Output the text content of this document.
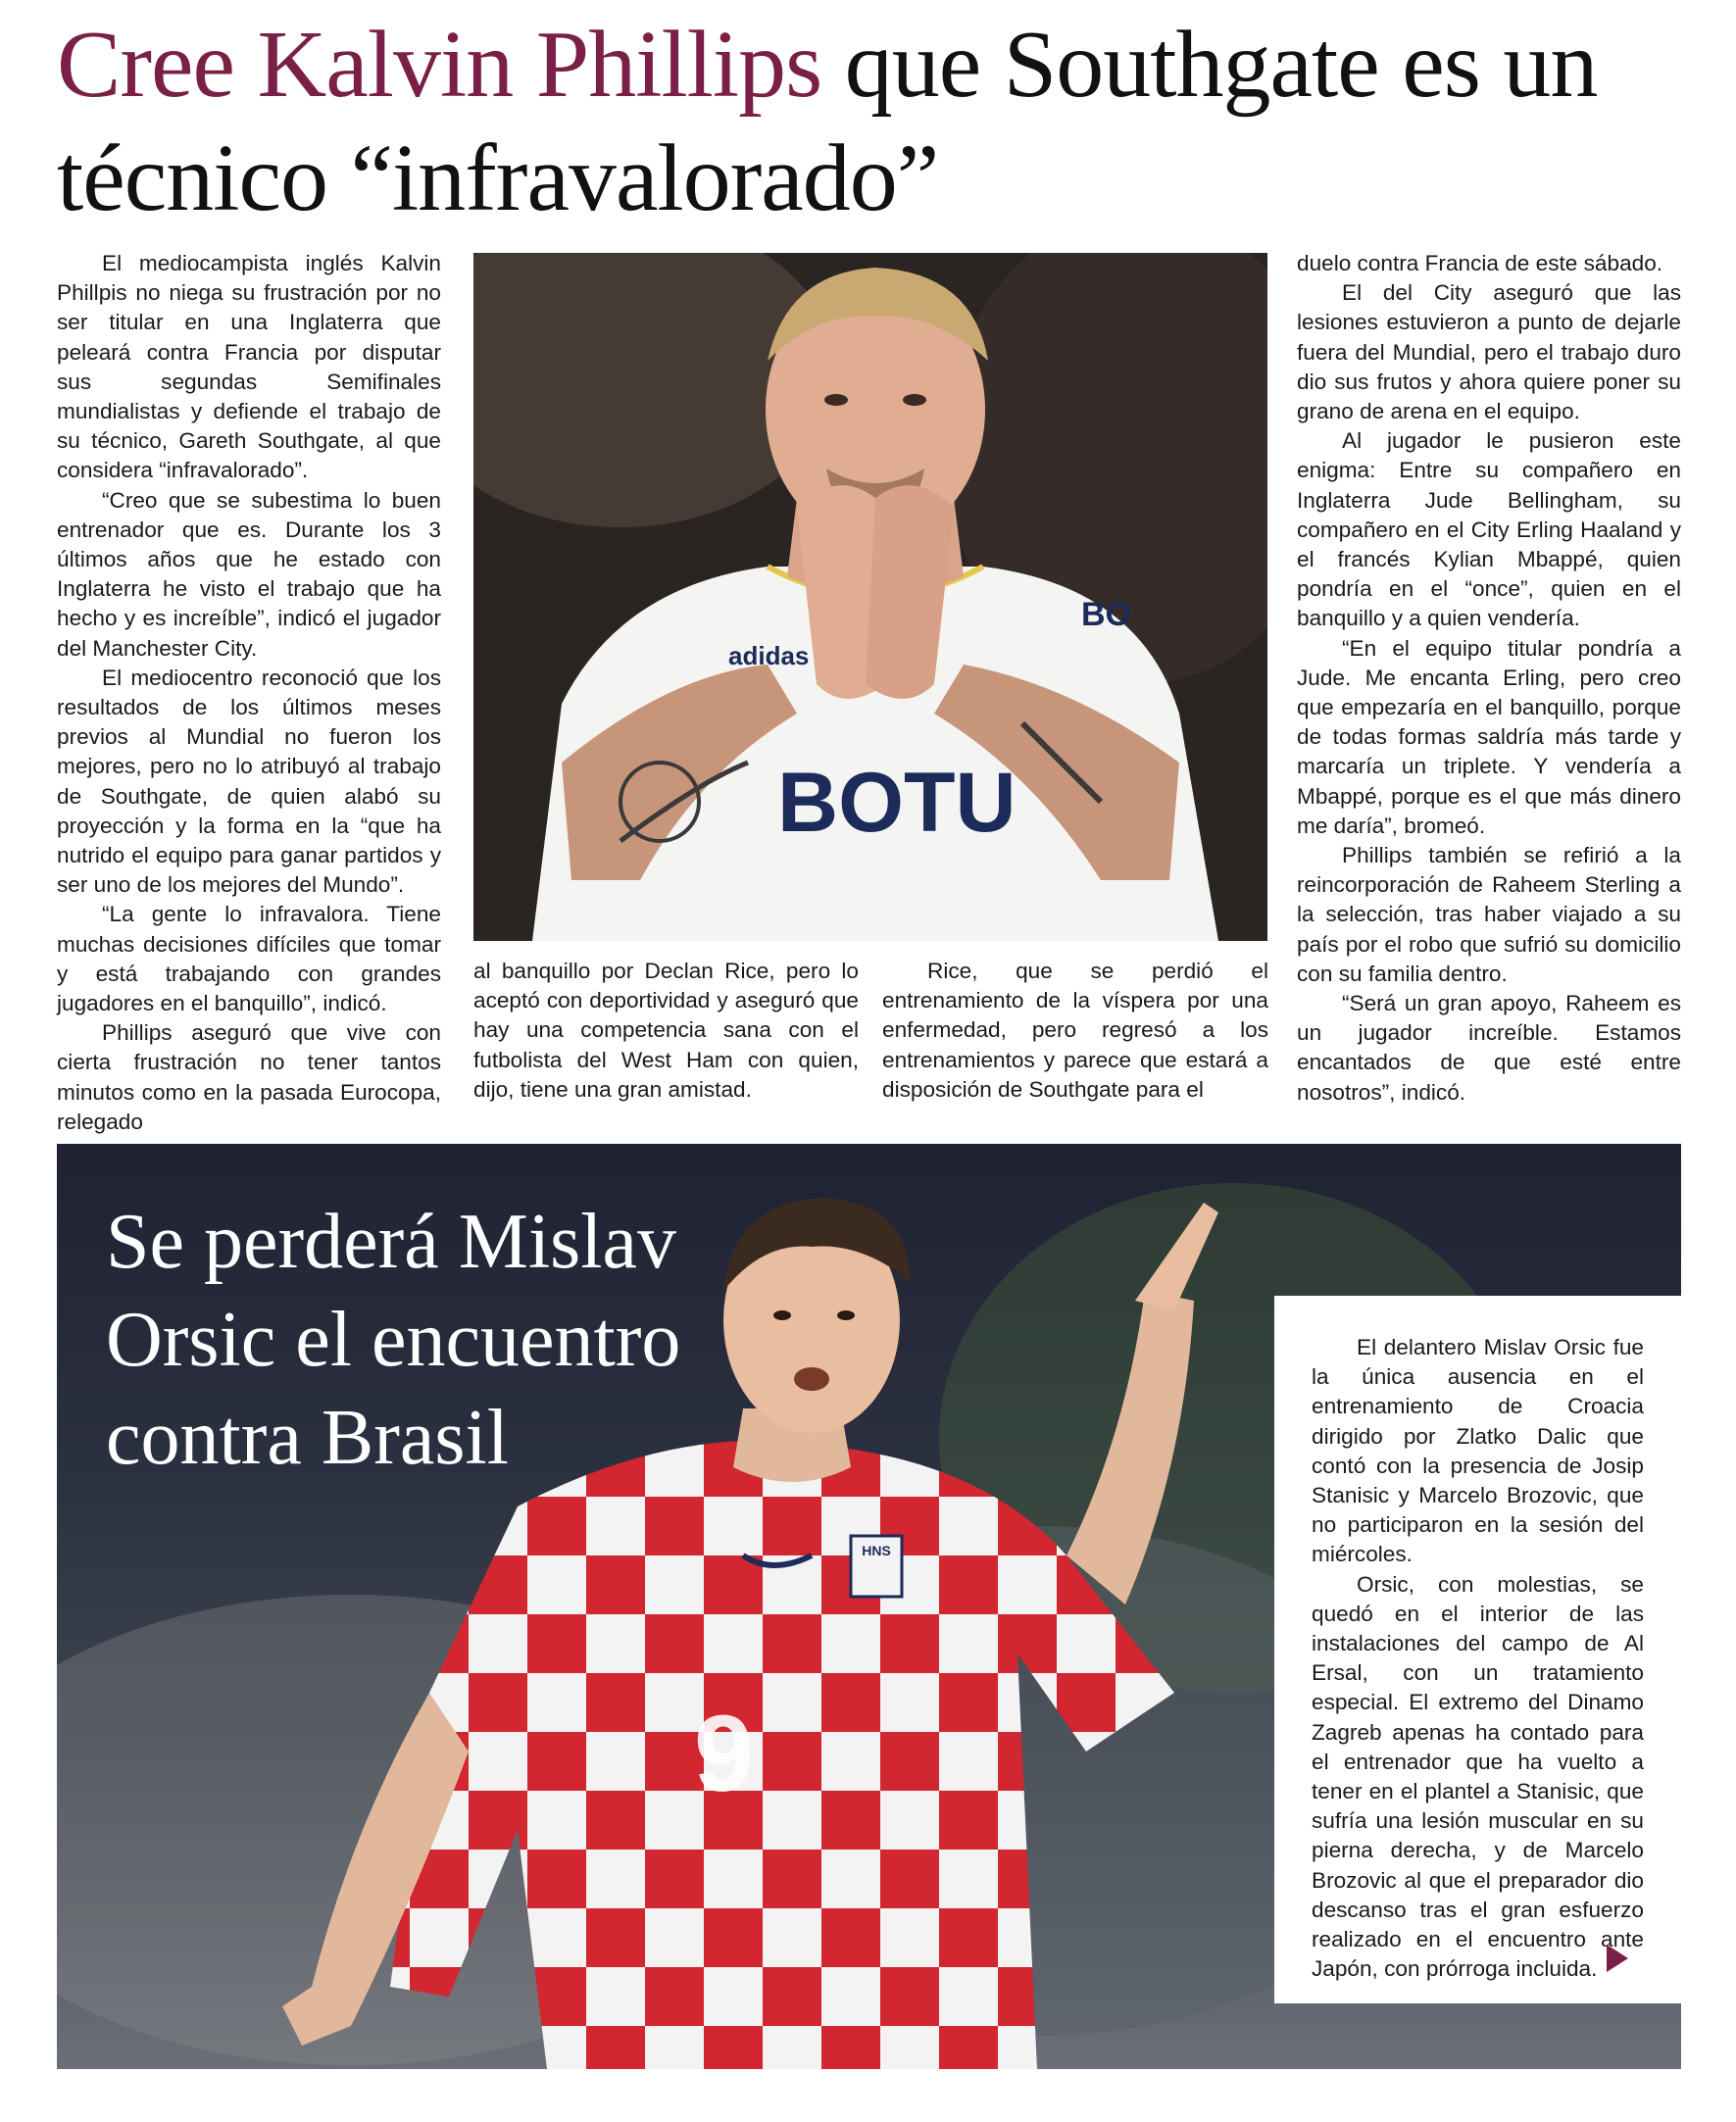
Cree Kalvin Phillips que Southgate es un técnico “infravalorado”

El mediocampista inglés Kalvin Phillpis no niega su frustración por no ser titular en una Inglaterra que peleará contra Francia por disputar sus segundas Semifinales mundialistas y defiende el trabajo de su técnico, Gareth Southgate, al que considera “infravalorado”.

“Creo que se subestima lo buen entrenador que es. Durante los 3 últimos años que he estado con Inglaterra he visto el trabajo que ha hecho y es increíble”, indicó el jugador del Manchester City.

El mediocentro reconoció que los resultados de los últimos meses previos al Mundial no fueron los mejores, pero no lo atribuyó al trabajo de Southgate, de quien alabó su proyección y la forma en la “que ha nutrido el equipo para ganar partidos y ser uno de los mejores del Mundo”.

“La gente lo infravalora. Tiene muchas decisiones difíciles que tomar y está trabajando con grandes jugadores en el banquillo”, indicó.

Phillips aseguró que vive con cierta frustración no tener tantos minutos como en la pasada Eurocopa, relegado

adidas
BOTU
BO

al banquillo por Declan Rice, pero lo aceptó con deportividad y aseguró que hay una competencia sana con el futbolista del West Ham con quien, dijo, tiene una gran amistad.

Rice, que se perdió el entrenamiento de la víspera por una enfermedad, pero regresó a los entrenamientos y parece que estará a disposición de Southgate para el

duelo contra Francia de este sábado.

El del City aseguró que las lesiones estuvieron a punto de dejarle fuera del Mundial, pero el trabajo duro dio sus frutos y ahora quiere poner su grano de arena en el equipo.

Al jugador le pusieron este enigma: Entre su compañero en Inglaterra Jude Bellingham, su compañero en el City Erling Haaland y el francés Kylian Mbappé, quien pondría en el “once”, quien en el banquillo y a quien vendería.

“En el equipo titular pondría a Jude. Me encanta Erling, pero creo que empezaría en el banquillo, porque de todas formas saldría más tarde y marcaría un triplete. Y vendería a Mbappé, porque es el que más dinero me daría”, bromeó.

Phillips también se refirió a la reincorporación de Raheem Sterling a la selección, tras haber viajado a su país por el robo que sufrió su domicilio con su familia dentro.

“Será un gran apoyo, Raheem es un jugador increíble. Estamos encantados de que esté entre nosotros”, indicó.

HNS
9
Se perderá Mislav
Orsic el encuentro
contra Brasil

El delantero Mislav Orsic fue la única ausencia en el entrenamiento de Croacia dirigido por Zlatko Dalic que contó con la presencia de Josip Stanisic y Marcelo Brozovic, que no participaron en la sesión del miércoles.

Orsic, con molestias, se quedó en el interior de las instalaciones del campo de Al Ersal, con un tratamiento especial. El extremo del Dinamo Zagreb apenas ha contado para el entrenador que ha vuelto a tener en el plantel a Stanisic, que sufría una lesión muscular en su pierna derecha, y de Marcelo Brozovic al que el preparador dio descanso tras el gran esfuerzo realizado en el encuentro ante Japón, con prórroga incluida.
